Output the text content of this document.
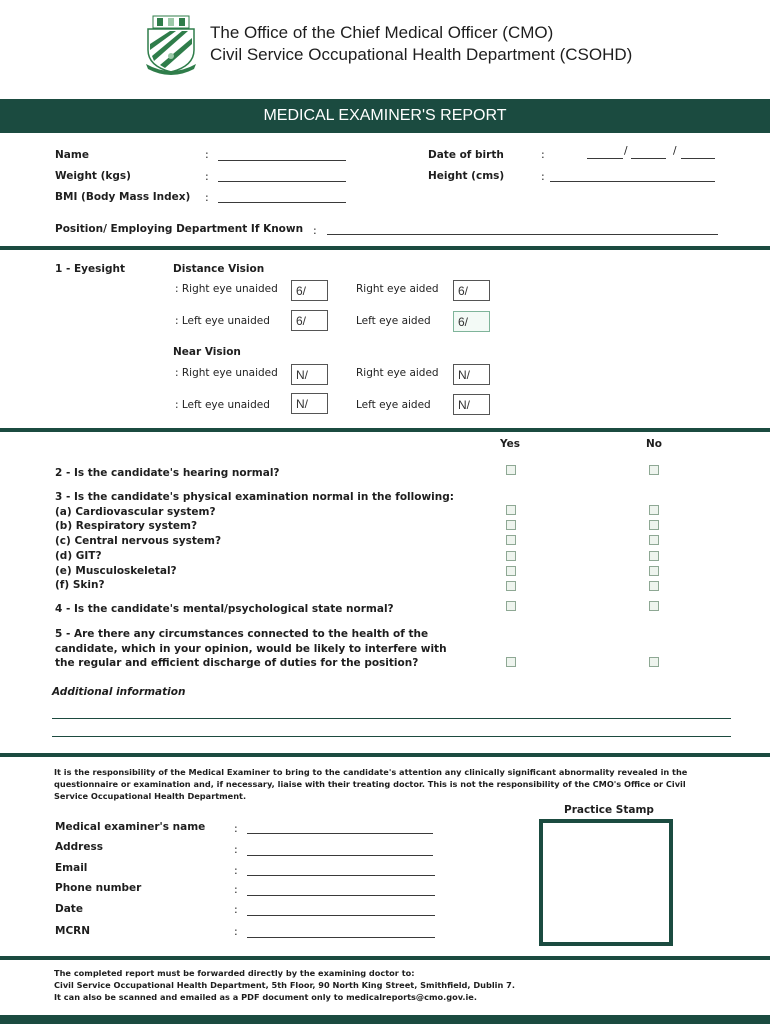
The Office of the Chief Medical Officer (CMO)
Civil Service Occupational Health Department (CSOHD)
MEDICAL EXAMINER'S REPORT
Name	:
Weight (kgs)	:
BMI (Body Mass Index) :
Date of birth	:	/	/
Height (cms)	:
Position/ Employing Department If Known :
1 - Eyesight	Distance Vision
: Right eye unaided	6/	Right eye aided	6/
: Left eye unaided	6/	Left eye aided	6/
Near Vision
: Right eye unaided	N/	Right eye aided	N/
: Left eye unaided	N/	Left eye aided	N/
Yes	No
2 - Is the candidate's hearing normal?
3 - Is the candidate's physical examination normal in the following:
(a) Cardiovascular system?
(b) Respiratory system?
(c) Central nervous system?
(d) GIT?
(e) Musculoskeletal?
(f) Skin?
4 - Is the candidate's mental/psychological state normal?
5 - Are there any circumstances connected to the health of the
candidate, which in your opinion, would be likely to interfere with
the regular and efficient discharge of duties for the position?
Additional information
It is the responsibility of the Medical Examiner to bring to the candidate's attention any clinically significant abnormality revealed in the
questionnaire or examination and, if necessary, liaise with their treating doctor. This is not the responsibility of the CMO's Office or Civil
Service Occupational Health Department.
Practice Stamp
Medical examiner's name	:
Address	:
Email	:
Phone number	:
Date	:
MCRN	:
The completed report must be forwarded directly by the examining doctor to:
Civil Service Occupational Health Department, 5th Floor, 90 North King Street, Smithfield, Dublin 7.
It can also be scanned and emailed as a PDF document only to medicalreports@cmo.gov.ie.
